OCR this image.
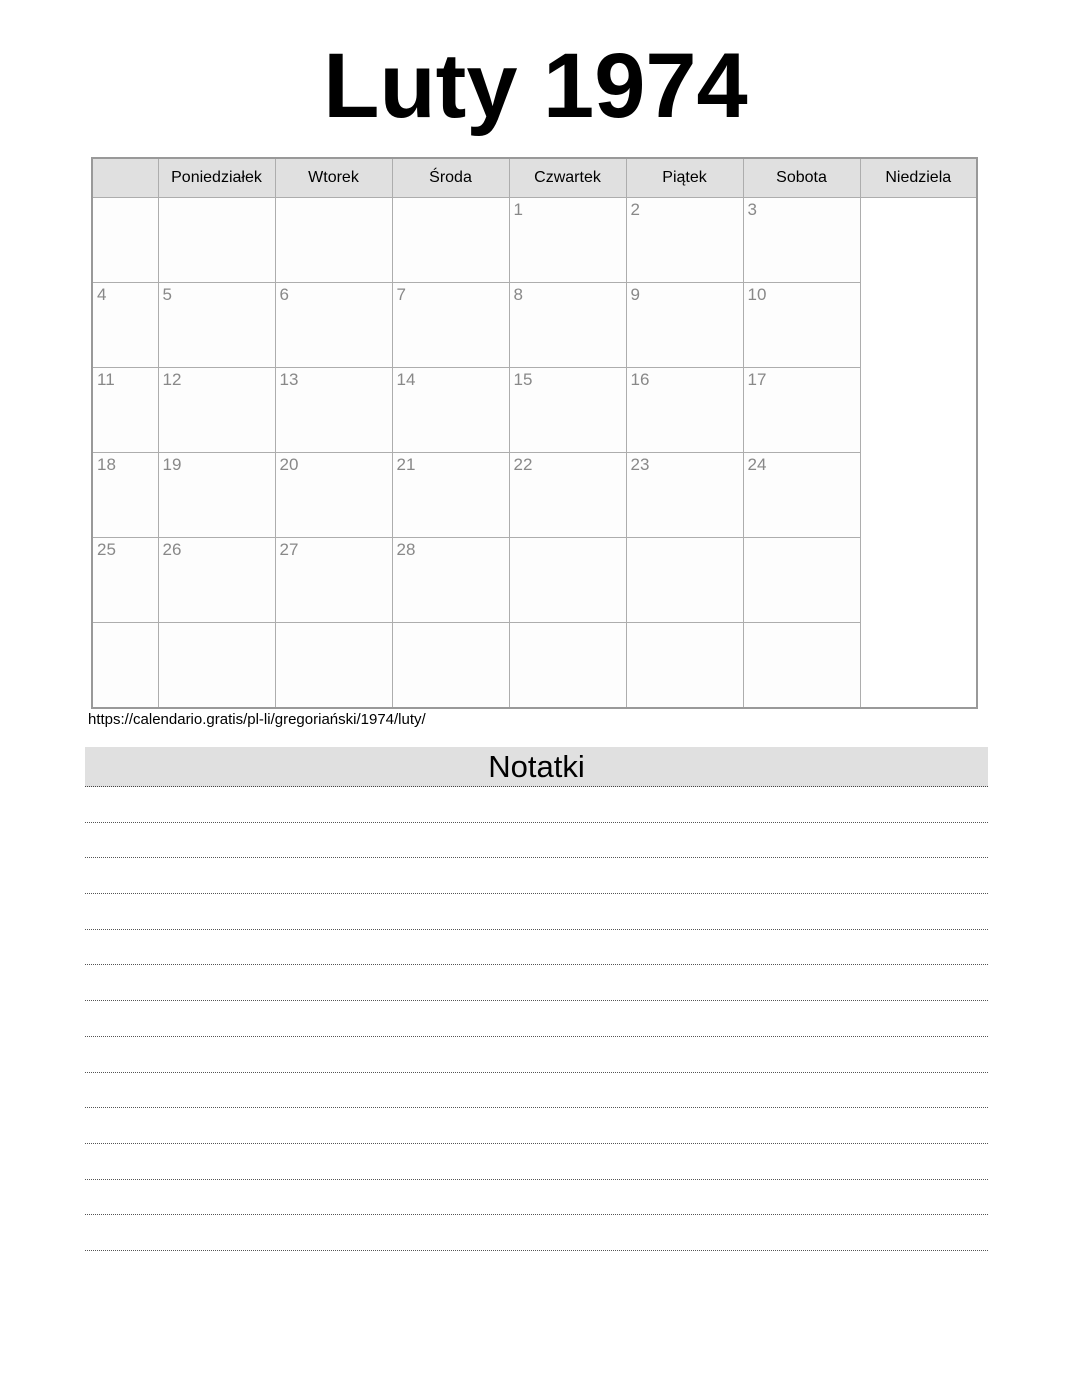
Luty 1974
	Poniedziałek	Wtorek	Środa	Czwartek	Piątek	Sobota	Niedziela
				1	2	3	
4	5	6	7	8	9	10	
11	12	13	14	15	16	17	
18	19	20	21	22	23	24	
25	26	27	28				

https://calendario.gratis/pl-li/gregoriański/1974/luty/
Notatki
